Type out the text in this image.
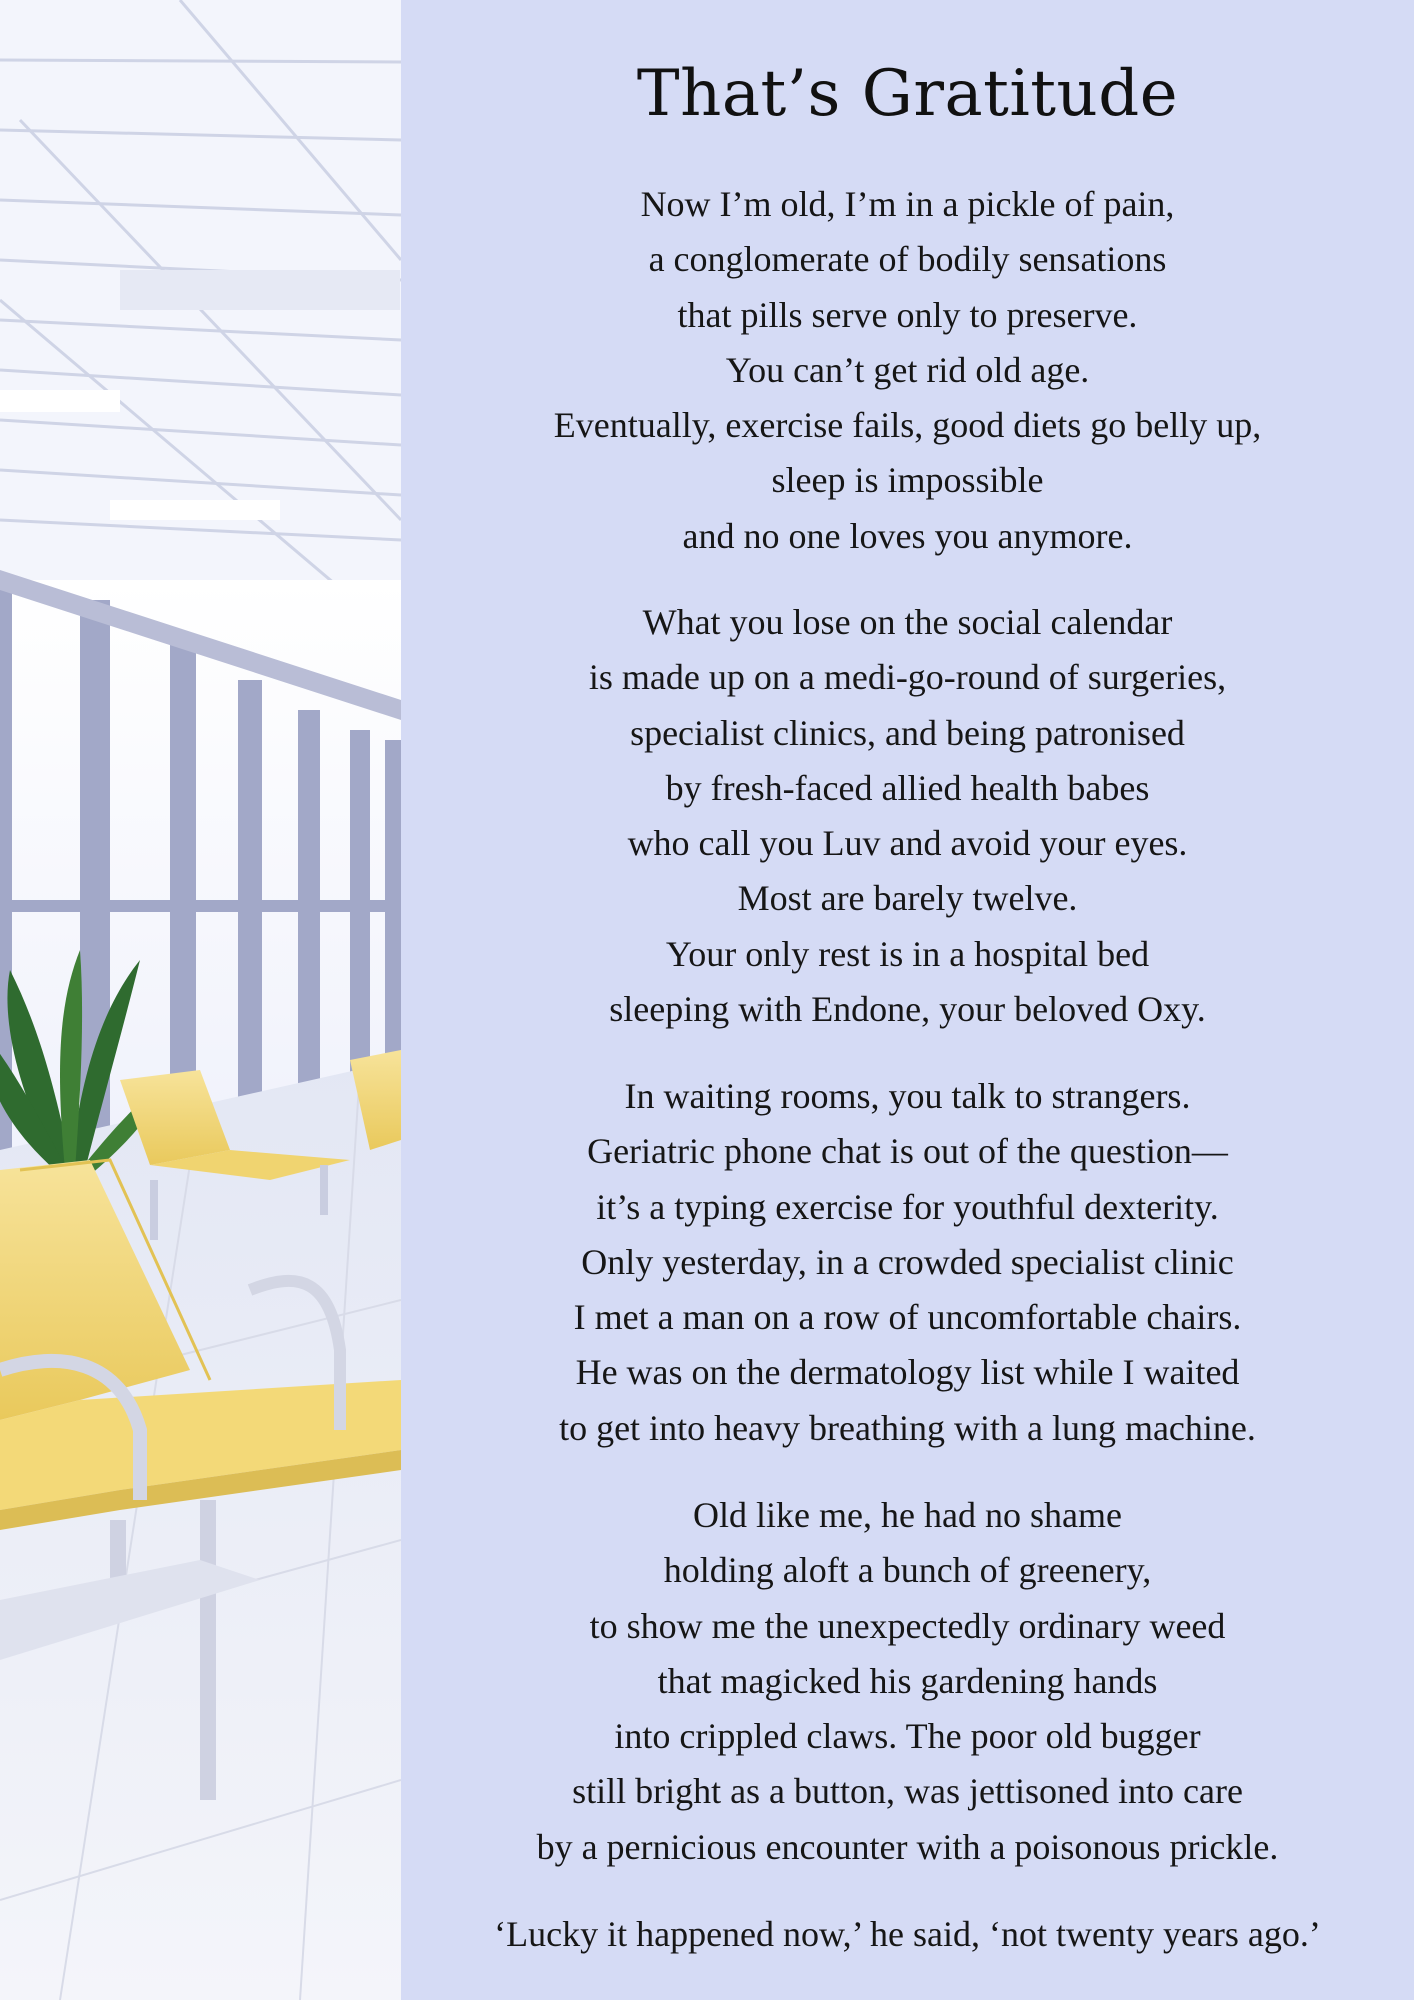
That’s Gratitude
Now I’m old, I’m in a pickle of pain,
a conglomerate of bodily sensations
that pills serve only to preserve.
You can’t get rid old age.
Eventually, exercise fails, good diets go belly up,
sleep is impossible
and no one loves you anymore.
What you lose on the social calendar
is made up on a medi-go-round of surgeries,
specialist clinics, and being patronised
by fresh-faced allied health babes
who call you Luv and avoid your eyes.
Most are barely twelve.
Your only rest is in a hospital bed
sleeping with Endone, your beloved Oxy.
In waiting rooms, you talk to strangers.
Geriatric phone chat is out of the question—
it’s a typing exercise for youthful dexterity.
Only yesterday, in a crowded specialist clinic
I met a man on a row of uncomfortable chairs.
He was on the dermatology list while I waited
to get into heavy breathing with a lung machine.
Old like me, he had no shame
holding aloft a bunch of greenery,
to show me the unexpectedly ordinary weed
that magicked his gardening hands
into crippled claws. The poor old bugger
still bright as a button, was jettisoned into care
by a pernicious encounter with a poisonous prickle.
‘Lucky it happened now,’ he said, ‘not twenty years ago.’
